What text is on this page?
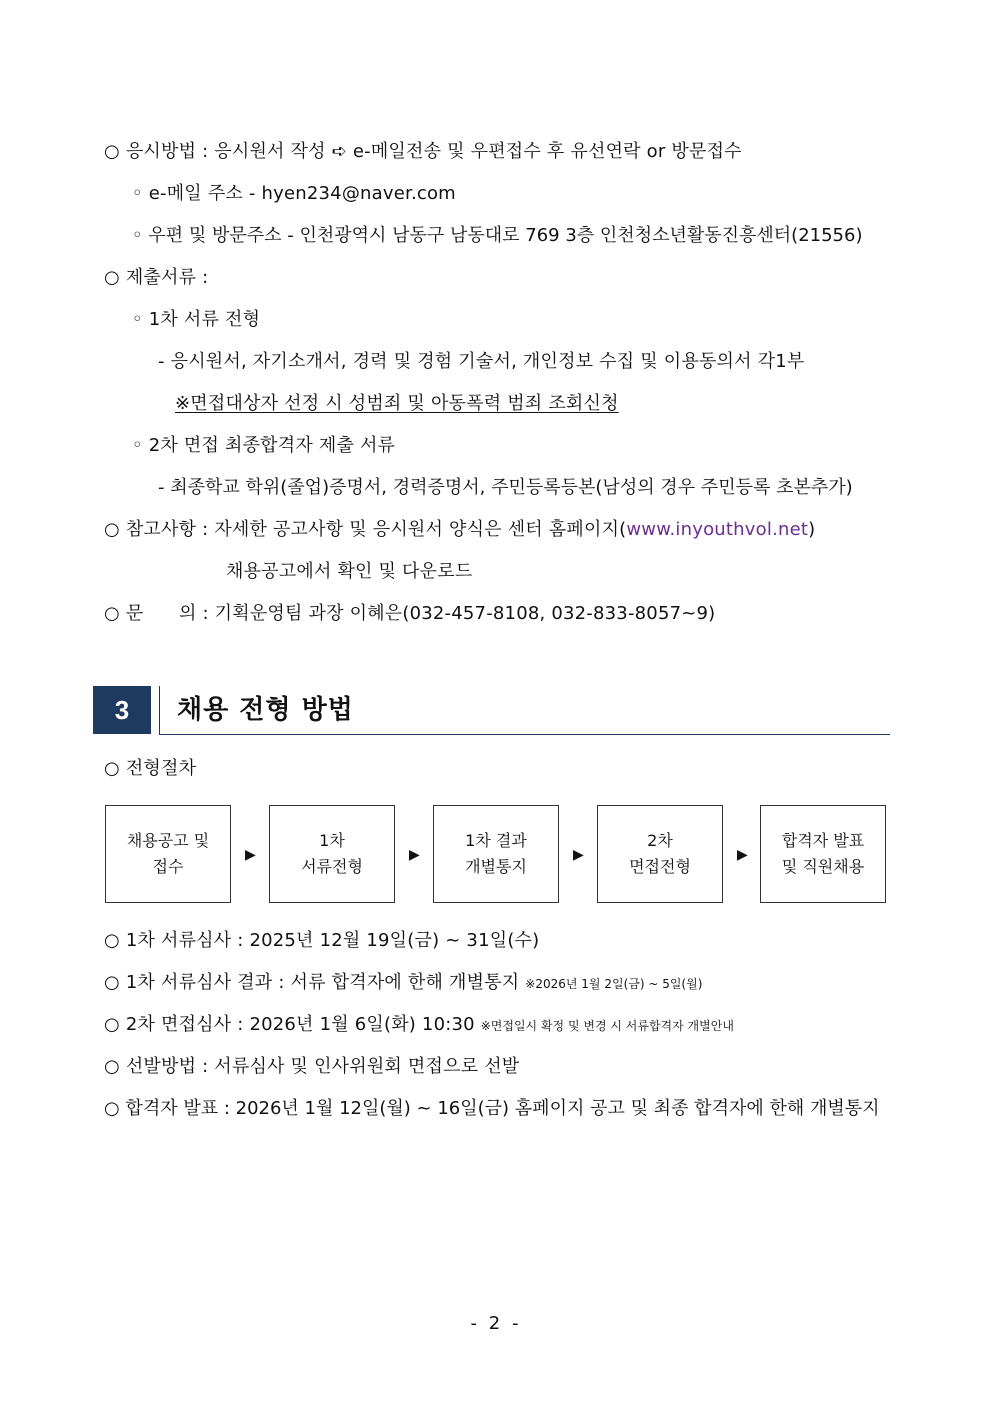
○ 응시방법 : 응시원서 작성 ➪ e-메일전송 및 우편접수 후 유선연락 or 방문접수
◦ e-메일 주소 - hyen234@naver.com
◦ 우편 및 방문주소 - 인천광역시 남동구 남동대로 769 3층 인천청소년활동진흥센터(21556)
○ 제출서류 :
◦ 1차 서류 전형
- 응시원서, 자기소개서, 경력 및 경험 기술서, 개인정보 수집 및 이용동의서 각1부
※면접대상자 선정 시 성범죄 및 아동폭력 범죄 조회신청
◦ 2차 면접 최종합격자 제출 서류
- 최종학교 학위(졸업)증명서, 경력증명서, 주민등록등본(남성의 경우 주민등록 초본추가)
○ 참고사항 : 자세한 공고사항 및 응시원서 양식은 센터 홈페이지(www.inyouthvol.net)
채용공고에서 확인 및 다운로드
○ 문      의 : 기획운영팀 과장 이혜은(032-457-8108, 032-833-8057~9)
3	채용 전형 방법
○ 전형절차
채용공고 및
접수
▶
1차
서류전형
▶
1차 결과
개별통지
▶
2차
면접전형
▶
합격자 발표
및 직원채용
○ 1차 서류심사 : 2025년 12월 19일(금) ~ 31일(수)
○ 1차 서류심사 결과 : 서류 합격자에 한해 개별통지 ※2026년 1월 2일(금) ~ 5일(월)
○ 2차 면접심사 : 2026년 1월 6일(화) 10:30 ※면접일시 확정 및 변경 시 서류합격자 개별안내
○ 선발방법 : 서류심사 및 인사위원회 면접으로 선발
○ 합격자 발표 : 2026년 1월 12일(월) ~ 16일(금) 홈페이지 공고 및 최종 합격자에 한해 개별통지
- 2 -
